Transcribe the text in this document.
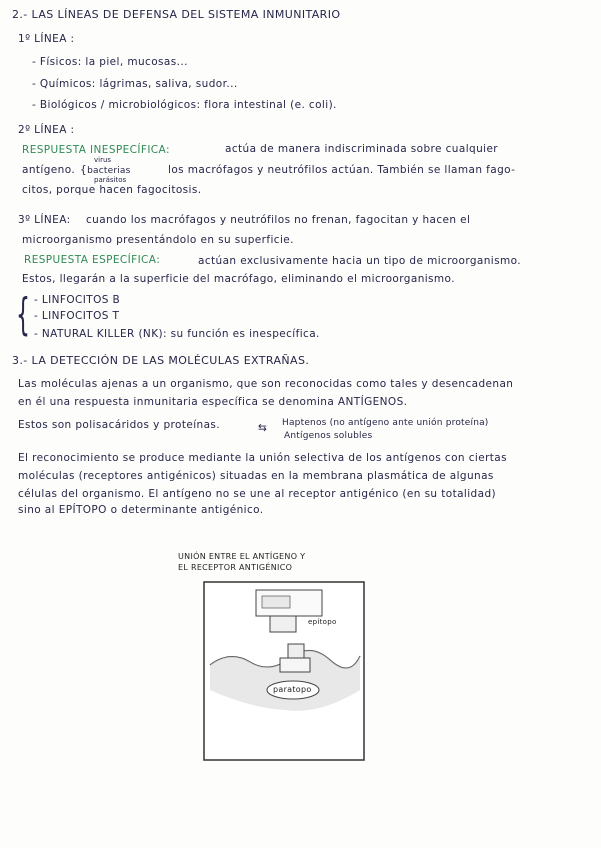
2.- LAS LÍNEAS DE DEFENSA DEL SISTEMA INMUNITARIO
1º LÍNEA :
- Físicos: la piel, mucosas...
- Químicos: lágrimas, saliva, sudor...
- Biológicos / microbiológicos: flora intestinal (e. coli).
2º LÍNEA :
RESPUESTA INESPECÍFICA:	actúa de manera indiscriminada sobre cualquier
antígeno.
virus
{bacterias
parásitos
los macrófagos y neutrófilos actúan. También se llaman fago-
citos, porque hacen fagocitosis.
3º LÍNEA: cuando los macrófagos y neutrófilos no frenan, fagocitan y hacen el
microorganismo presentándolo en su superficie.
RESPUESTA ESPECÍFICA:	actúan exclusivamente hacia un tipo de microorganismo.
Estos, llegarán a la superficie del macrófago, eliminando el microorganismo.
{ - LINFOCITOS B
- LINFOCITOS T
- NATURAL KILLER (NK): su función es inespecífica.
3.- LA DETECCIÓN DE LAS MOLÉCULAS EXTRAÑAS.
Las moléculas ajenas a un organismo, que son reconocidas como tales y desencadenan
en él una respuesta inmunitaria específica se denomina ANTÍGENOS.
Estos son polisacáridos y proteínas.	⇆ Haptenos (no antígeno ante unión proteína)
Antígenos solubles
El reconocimiento se produce mediante la unión selectiva de los antígenos con ciertas
moléculas (receptores antigénicos) situadas en la membrana plasmática de algunas
células del organismo. El antígeno no se une al receptor antigénico (en su totalidad)
sino al EPÍTOPO o determinante antigénico.
UNIÓN ENTRE EL ANTÍGENO Y
EL RECEPTOR ANTIGÉNICO
epítopo
paratopo
